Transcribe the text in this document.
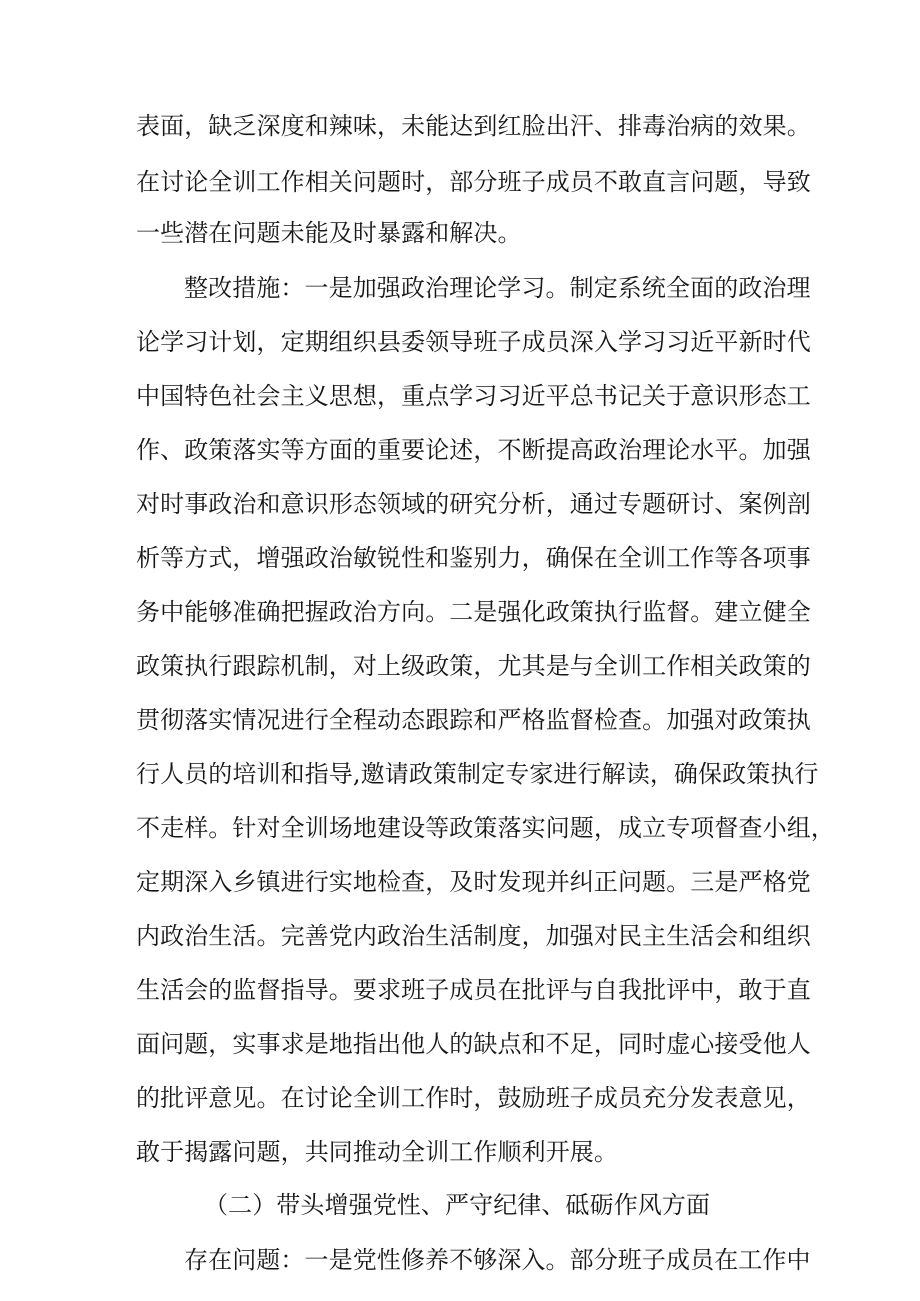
表面，缺乏深度和辣味，未能达到红脸出汗、排毒治病的效果。
在讨论全训工作相关问题时，部分班子成员不敢直言问题，导致
一些潜在问题未能及时暴露和解决。
整改措施：一是加强政治理论学习。制定系统全面的政治理
论学习计划，定期组织县委领导班子成员深入学习习近平新时代
中国特色社会主义思想，重点学习习近平总书记关于意识形态工
作、政策落实等方面的重要论述，不断提高政治理论水平。加强
对时事政治和意识形态领域的研究分析，通过专题研讨、案例剖
析等方式，增强政治敏锐性和鉴别力，确保在全训工作等各项事
务中能够准确把握政治方向。二是强化政策执行监督。建立健全
政策执行跟踪机制，对上级政策，尤其是与全训工作相关政策的
贯彻落实情况进行全程动态跟踪和严格监督检查。加强对政策执
行人员的培训和指导,邀请政策制定专家进行解读，确保政策执行
不走样。针对全训场地建设等政策落实问题，成立专项督查小组，
定期深入乡镇进行实地检查，及时发现并纠正问题。三是严格党
内政治生活。完善党内政治生活制度，加强对民主生活会和组织
生活会的监督指导。要求班子成员在批评与自我批评中，敢于直
面问题，实事求是地指出他人的缺点和不足，同时虚心接受他人
的批评意见。在讨论全训工作时，鼓励班子成员充分发表意见，
敢于揭露问题，共同推动全训工作顺利开展。
（二）带头增强党性、严守纪律、砥砺作风方面
存在问题：一是党性修养不够深入。部分班子成员在工作中
